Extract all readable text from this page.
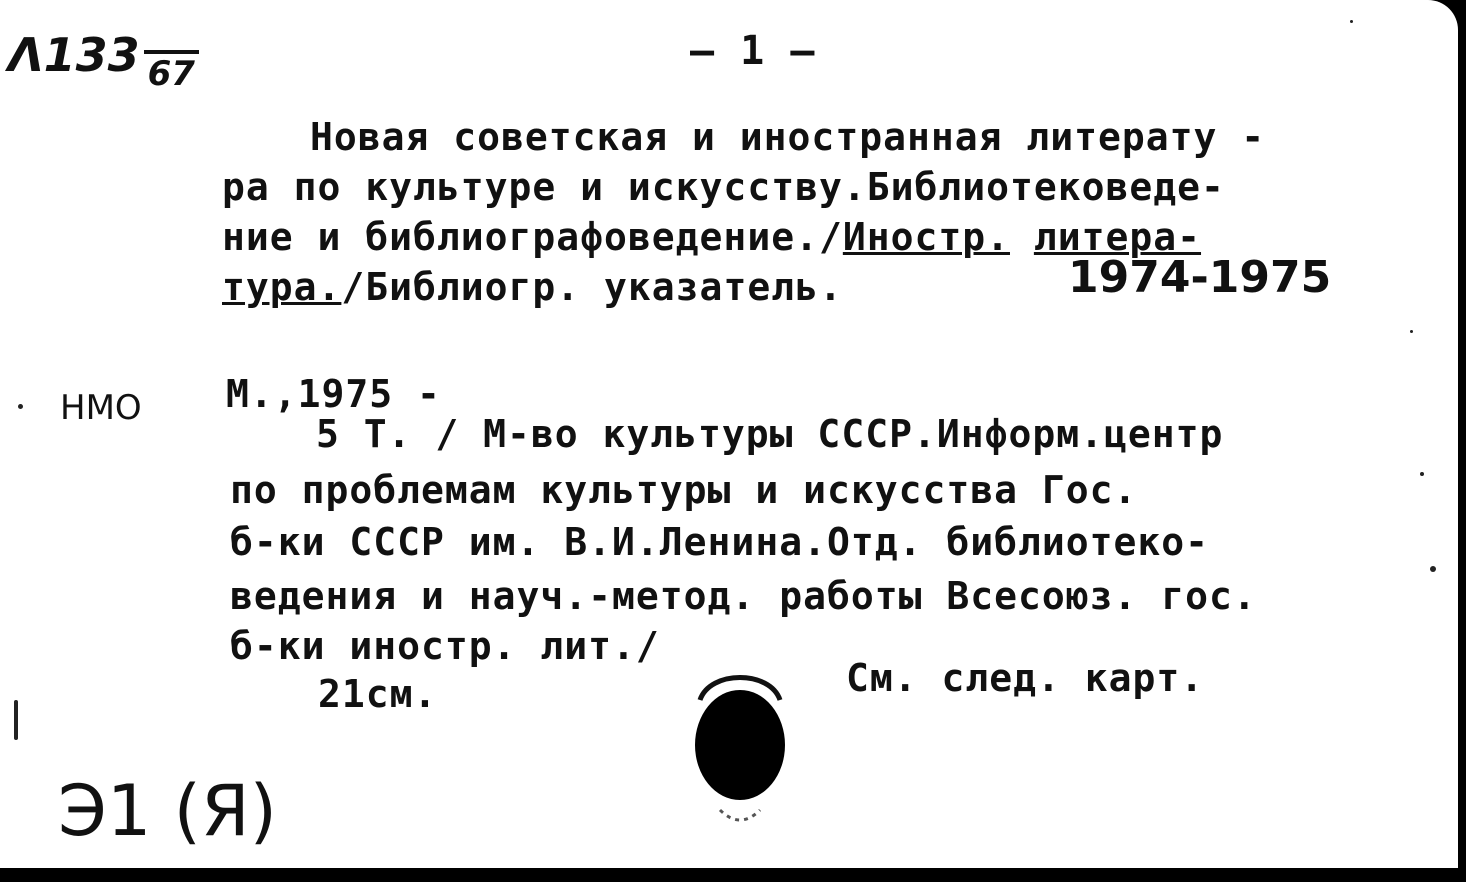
Λ133 67	— 1 —
Новая советская и иностранная литерату -
ра по культуре и искусству.Библиотековеде-
ние и библиографоведение./Иностр. литера-
тура./Библиогр. указатель.	1974-1975
НМО М.,1975 -
5 Т. / М-во культуры СССР.Информ.центр
по проблемам культуры и искусства Гос.
б-ки СССР им. В.И.Ленина.Отд. библиотеко-
ведения и науч.-метод. работы Всесоюз. гос.
б-ки иностр. лит./
21см.	См. след. карт.
Э1 (Я)
